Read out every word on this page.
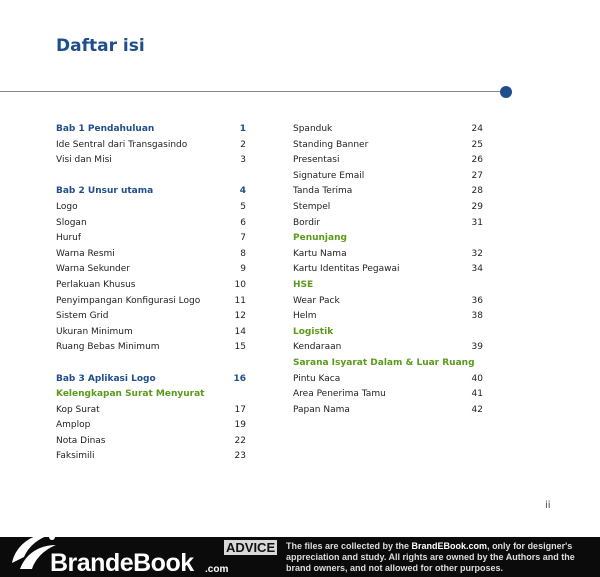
Daftar isi
Bab 1 Pendahuluan	1
Ide Sentral dari Transgasindo	2
Visi dan Misi	3
Bab 2 Unsur utama	4
Logo	5
Slogan	6
Huruf	7
Warna Resmi	8
Warna Sekunder	9
Perlakuan Khusus	10
Penyimpangan Konfigurasi Logo	11
Sistem Grid	12
Ukuran Minimum	14
Ruang Bebas Minimum	15
Bab 3 Aplikasi Logo	16
Kelengkapan Surat Menyurat
Kop Surat	17
Amplop	19
Nota Dinas	22
Faksimili	23
Spanduk	24
Standing Banner	25
Presentasi	26
Signature Email	27
Tanda Terima	28
Stempel	29
Bordir	31
Penunjang
Kartu Nama	32
Kartu Identitas Pegawai	34
HSE
Wear Pack	36
Helm	38
Logistik
Kendaraan	39
Sarana Isyarat Dalam & Luar Ruang
Pintu Kaca	40
Area Penerima Tamu	41
Papan Nama	42
ii
BrandeBook .com
ADVICE The files are collected by the BrandEBook.com, only for designer's appreciation and study. All rights are owned by the Authors and the brand owners, and not allowed for other purposes.
